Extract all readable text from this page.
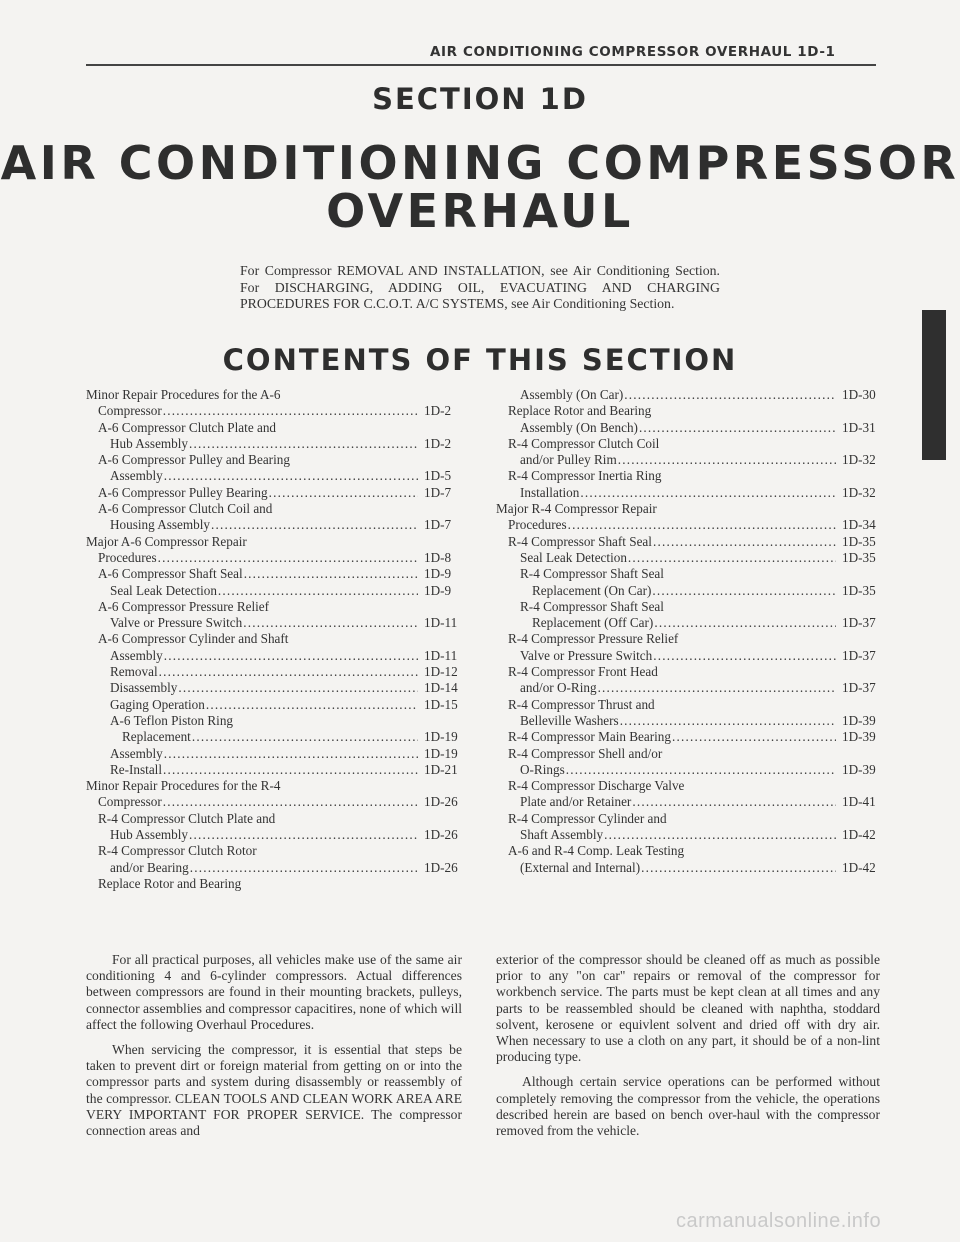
AIR CONDITIONING COMPRESSOR OVERHAUL 1D-1
SECTION 1D
AIR CONDITIONING COMPRESSOR
OVERHAUL

For Compressor REMOVAL AND INSTALLATION, see Air Conditioning Section. For DISCHARGING, ADDING OIL, EVACUATING AND CHARGING PROCEDURES FOR C.C.O.T. A/C SYSTEMS, see Air Conditioning Section.

CONTENTS OF THIS SECTION
Minor Repair Procedures for the A-6
Compressor .....	1D-2
A-6 Compressor Clutch Plate and
Hub Assembly .....	1D-2
A-6 Compressor Pulley and Bearing
Assembly .....	1D-5
A-6 Compressor Pulley Bearing .....	1D-7
A-6 Compressor Clutch Coil and
Housing Assembly .....	1D-7
Major A-6 Compressor Repair
Procedures .....	1D-8
A-6 Compressor Shaft Seal .....	1D-9
Seal Leak Detection .....	1D-9
A-6 Compressor Pressure Relief
Valve or Pressure Switch .....	1D-11
A-6 Compressor Cylinder and Shaft
Assembly .....	1D-11
Removal .....	1D-12
Disassembly .....	1D-14
Gaging Operation .....	1D-15
A-6 Teflon Piston Ring
Replacement .....	1D-19
Assembly .....	1D-19
Re-Install .....	1D-21
Minor Repair Procedures for the R-4
Compressor .....	1D-26
R-4 Compressor Clutch Plate and
Hub Assembly .....	1D-26
R-4 Compressor Clutch Rotor
and/or Bearing .....	1D-26
Replace Rotor and Bearing
Assembly (On Car) .....	1D-30
Replace Rotor and Bearing
Assembly (On Bench) .....	1D-31
R-4 Compressor Clutch Coil
and/or Pulley Rim .....	1D-32
R-4 Compressor Inertia Ring
Installation .....	1D-32
Major R-4 Compressor Repair
Procedures .....	1D-34
R-4 Compressor Shaft Seal .....	1D-35
Seal Leak Detection .....	1D-35
R-4 Compressor Shaft Seal
Replacement (On Car) .....	1D-35
R-4 Compressor Shaft Seal
Replacement (Off Car) .....	1D-37
R-4 Compressor Pressure Relief
Valve or Pressure Switch .....	1D-37
R-4 Compressor Front Head
and/or O-Ring .....	1D-37
R-4 Compressor Thrust and
Belleville Washers .....	1D-39
R-4 Compressor Main Bearing .....	1D-39
R-4 Compressor Shell and/or
O-Rings .....	1D-39
R-4 Compressor Discharge Valve
Plate and/or Retainer .....	1D-41
R-4 Compressor Cylinder and
Shaft Assembly .....	1D-42
A-6 and R-4 Comp. Leak Testing
(External and Internal) .....	1D-42

For all practical purposes, all vehicles make use of the same air conditioning 4 and 6-cylinder compressors. Actual differences between compressors are found in their mounting brackets, pulleys, connector assemblies and compressor capacitires, none of which will affect the following Overhaul Procedures.

When servicing the compressor, it is essential that steps be taken to prevent dirt or foreign material from getting on or into the compressor parts and system during disassembly or reassembly of the compressor. CLEAN TOOLS AND CLEAN WORK AREA ARE VERY IMPORTANT FOR PROPER SERVICE. The compressor connection areas and

exterior of the compressor should be cleaned off as much as possible prior to any "on car" repairs or removal of the compressor for workbench service. The parts must be kept clean at all times and any parts to be reassembled should be cleaned with naphtha, stoddard solvent, kerosene or equivlent solvent and dried off with dry air. When necessary to use a cloth on any part, it should be of a non-lint producing type.

Although certain service operations can be performed without completely removing the compressor from the vehicle, the operations described herein are based on bench over-haul with the compressor removed from the vehicle.

carmanualsonline.info
